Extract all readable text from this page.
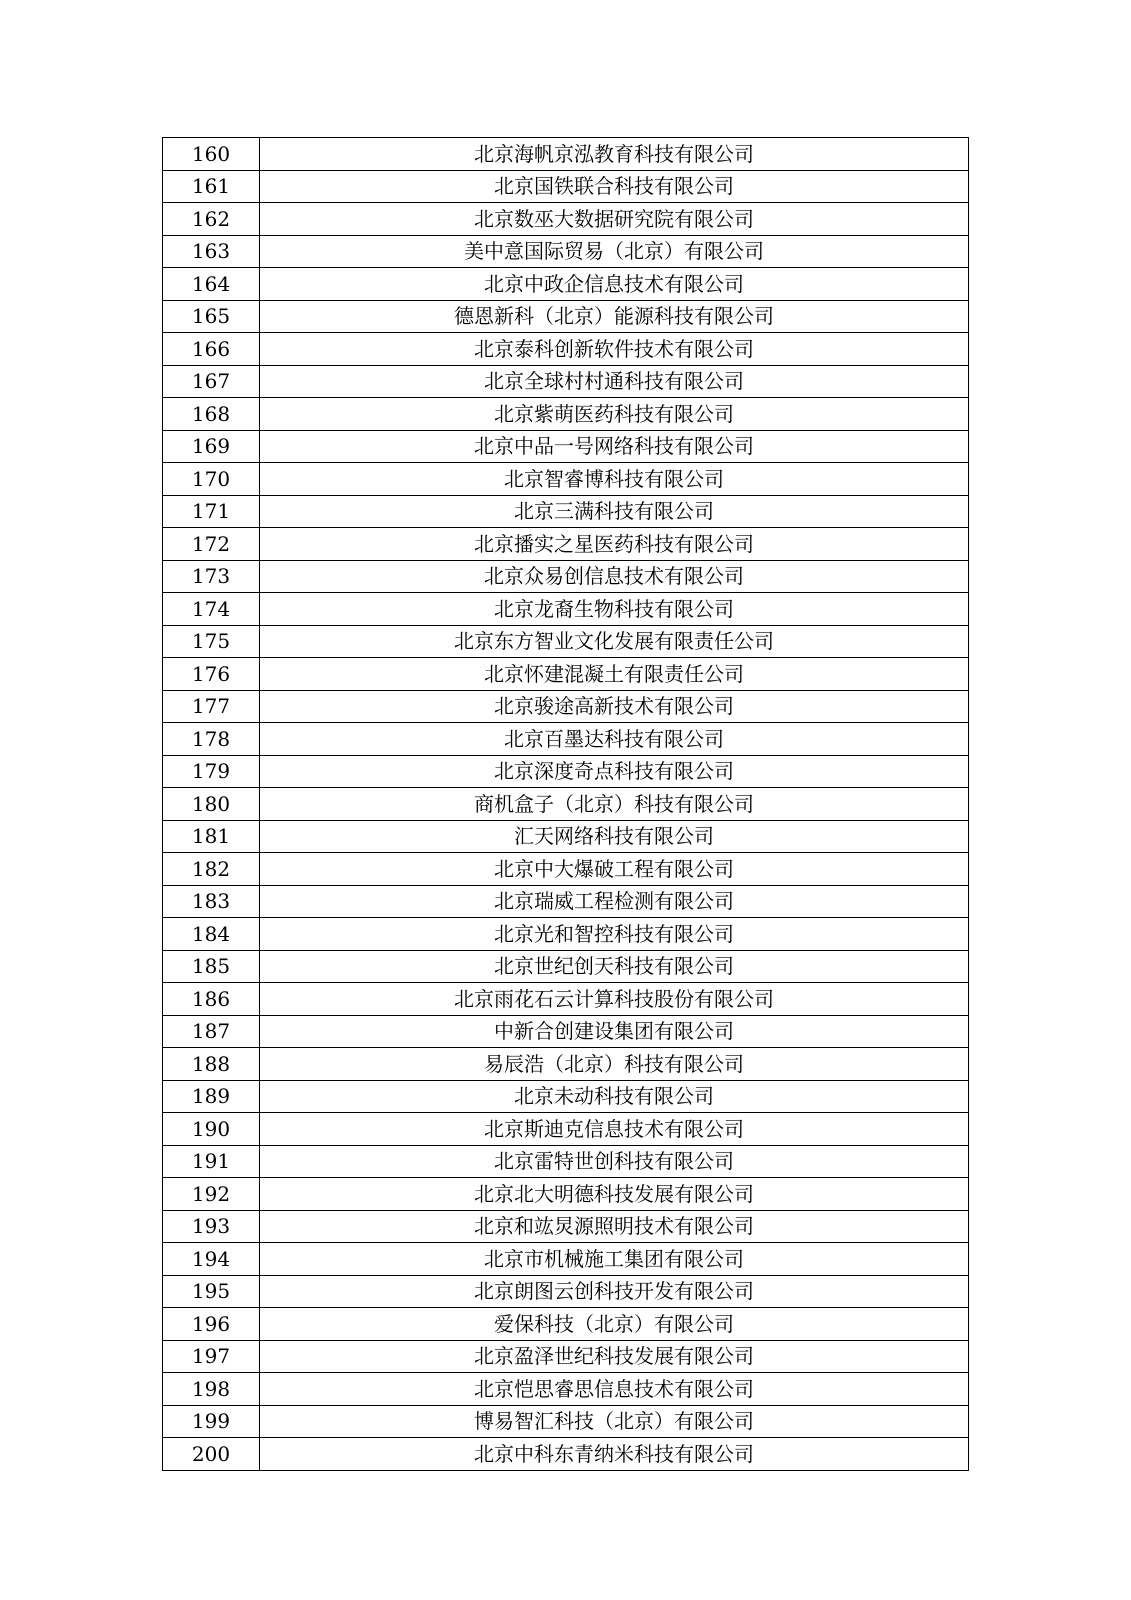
160	北京海帆京泓教育科技有限公司
161	北京国铁联合科技有限公司
162	北京数巫大数据研究院有限公司
163	美中意国际贸易（北京）有限公司
164	北京中政企信息技术有限公司
165	德恩新科（北京）能源科技有限公司
166	北京泰科创新软件技术有限公司
167	北京全球村村通科技有限公司
168	北京紫萌医药科技有限公司
169	北京中品一号网络科技有限公司
170	北京智睿博科技有限公司
171	北京三满科技有限公司
172	北京播实之星医药科技有限公司
173	北京众易创信息技术有限公司
174	北京龙裔生物科技有限公司
175	北京东方智业文化发展有限责任公司
176	北京怀建混凝土有限责任公司
177	北京骏途高新技术有限公司
178	北京百墨达科技有限公司
179	北京深度奇点科技有限公司
180	商机盒子（北京）科技有限公司
181	汇天网络科技有限公司
182	北京中大爆破工程有限公司
183	北京瑞威工程检测有限公司
184	北京光和智控科技有限公司
185	北京世纪创天科技有限公司
186	北京雨花石云计算科技股份有限公司
187	中新合创建设集团有限公司
188	易辰浩（北京）科技有限公司
189	北京未动科技有限公司
190	北京斯迪克信息技术有限公司
191	北京雷特世创科技有限公司
192	北京北大明德科技发展有限公司
193	北京和竑炅源照明技术有限公司
194	北京市机械施工集团有限公司
195	北京朗图云创科技开发有限公司
196	爱保科技（北京）有限公司
197	北京盈泽世纪科技发展有限公司
198	北京恺思睿思信息技术有限公司
199	博易智汇科技（北京）有限公司
200	北京中科东青纳米科技有限公司
